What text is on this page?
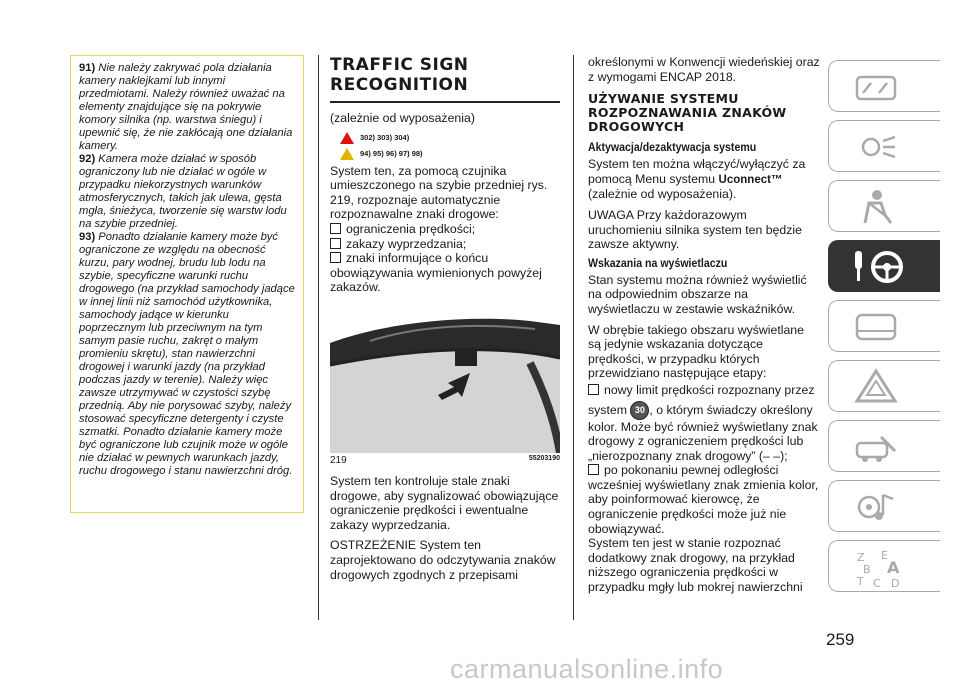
91) Nie należy zakrywać pola działania kamery naklejkami lub innymi przedmiotami. Należy również uważać na elementy znajdujące się na pokrywie komory silnika (np. warstwa śniegu) i upewnić się, że nie zakłócają one działania kamery.

92) Kamera może działać w sposób ograniczony lub nie działać w ogóle w przypadku niekorzystnych warunków atmosferycznych, takich jak ulewa, gęsta mgła, śnieżyca, tworzenie się warstw lodu na szybie przedniej.

93) Ponadto działanie kamery może być ograniczone ze względu na obecność kurzu, pary wodnej, brudu lub lodu na szybie, specyficzne warunki ruchu drogowego (na przykład samochody jadące w innej linii niż samochód użytkownika, samochody jadące w kierunku poprzecznym lub przeciwnym na tym samym pasie ruchu, zakręt o małym promieniu skrętu), stan nawierzchni drogowej i warunki jazdy (na przykład podczas jazdy w terenie). Należy więc zawsze utrzymywać w czystości szybę przednią. Aby nie porysować szyby, należy stosować specyficzne detergenty i czyste szmatki. Ponadto działanie kamery może być ograniczone lub czujnik może w ogóle nie działać w pewnych warunkach jazdy, ruchu drogowego i stanu nawierzchni dróg.

TRAFFIC SIGN RECOGNITION

(zależnie od wyposażenia)

302) 303) 304)
94) 95) 96) 97) 98)

System ten, za pomocą czujnika umieszczonego na szybie przedniej rys. 219, rozpoznaje automatycznie rozpoznawalne znaki drogowe:

ograniczenia prędkości;

zakazy wyprzedzania;

znaki informujące o końcu

obowiązywania wymienionych powyżej zakazów.

219	55203190

System ten kontroluje stale znaki drogowe, aby sygnalizować obowiązujące ograniczenie prędkości i ewentualne zakazy wyprzedzania.

OSTRZEŻENIE System ten zaprojektowano do odczytywania znaków drogowych zgodnych z przepisami

określonymi w Konwencji wiedeńskiej oraz z wymogami ENCAP 2018.

UŻYWANIE SYSTEMU ROZPOZNAWANIA ZNAKÓW DROGOWYCH
Aktywacja/dezaktywacja systemu

System ten można włączyć/wyłączyć za pomocą Menu systemu Uconnect™ (zależnie od wyposażenia).

UWAGA Przy każdorazowym uruchomieniu silnika system ten będzie zawsze aktywny.

Wskazania na wyświetlaczu

Stan systemu można również wyświetlić na odpowiednim obszarze na wyświetlaczu w zestawie wskaźników.

W obrębie takiego obszaru wyświetlane są jedynie wskazania dotyczące prędkości, w przypadku których przewidziano następujące etapy:

nowy limit prędkości rozpoznany przez

system 30 , o którym świadczy określony kolor. Może być również wyświetlany znak drogowy z ograniczeniem prędkości lub „nierozpoznany znak drogowy” (– –);

po pokonaniu pewnej odległości wcześniej wyświetlany znak zmienia kolor, aby poinformować kierowcę, że ograniczenie prędkości może już nie obowiązywać.

System ten jest w stanie rozpoznać dodatkowy znak drogowy, na przykład niższego ograniczenia prędkości w przypadku mgły lub mokrej nawierzchni

Z E
B A
C D
T
259
carmanualsonline.info
